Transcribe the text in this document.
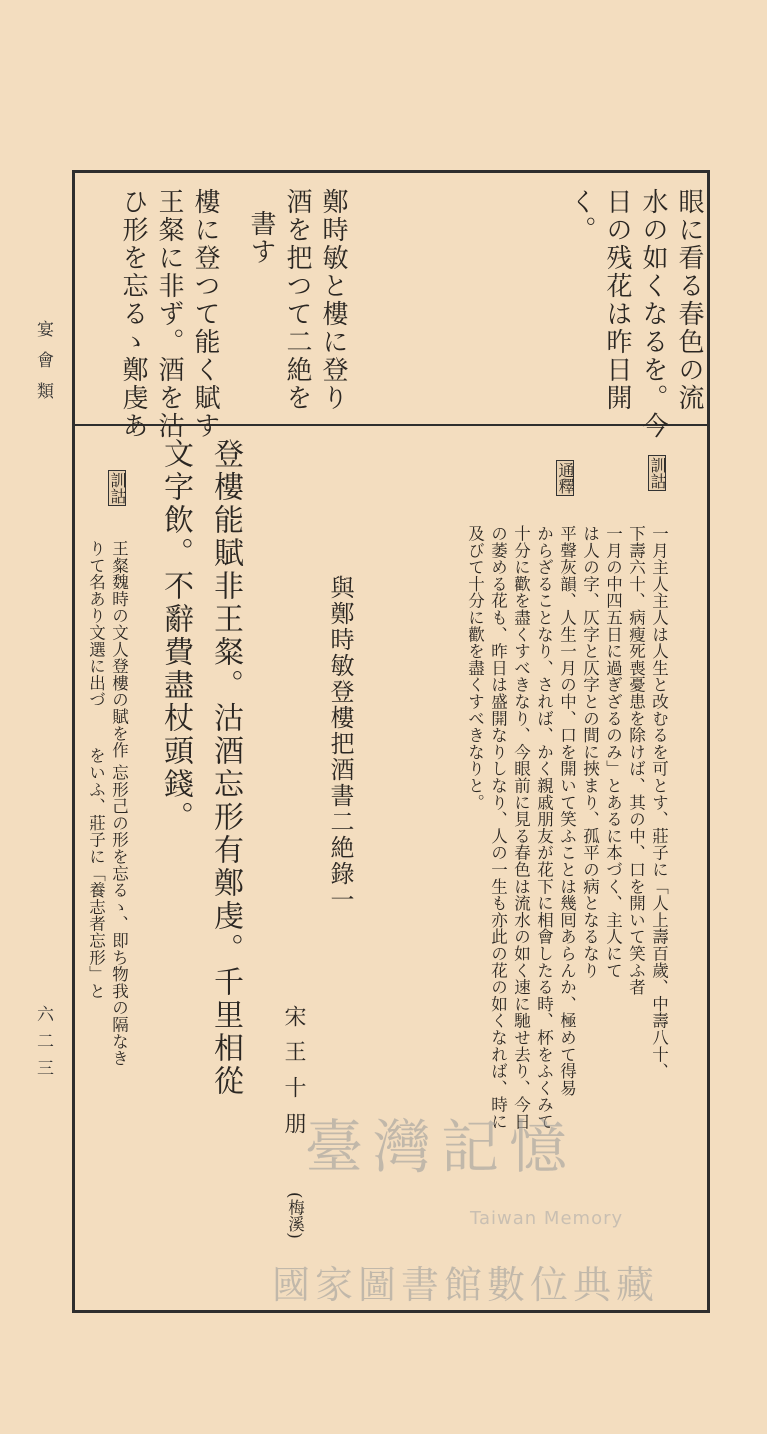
宴會類
六二三
眼に看る春色の流
水の如くなるを。今
日の残花は昨日開
く。
鄭時敏と樓に登り
酒を把つて二絶を
書す
樓に登つて能く賦す
王粲に非ず。酒を沽
ひ形を忘るゝ鄭虔あ
訓詁
一月主人主人は人生と改むるを可とす、莊子に「人上壽百歲、中壽八十、
下壽六十、病瘦死喪憂患を除けば、其の中、口を開いて笑ふ者
一月の中四五日に過ぎざるのみ」とあるに本づく、主人にて
は人の字、仄字と仄字との間に挾まり、孤平の病となるなり
通釋
平聲灰韻、人生一月の中、口を開いて笑ふことは幾囘あらんか、極めて得易
からざることなり、されば、かく親戚朋友が花下に相會したる時、杯をふくみて
十分に歡を盡くすべきなり、今眼前に見る春色は流水の如く速に馳せ去り、今日
の萎める花も、昨日は盛開なりしなり、人の一生も亦此の花の如くなれば、時に
及びて十分に歡を盡くすべきなりと。
與鄭時敏登樓把酒書二絶錄一
宋
王十朋
(梅溪)
登樓能賦非王粲。沽酒忘形有鄭虔。千里相從
文字飲。不辭費盡杖頭錢。
訓詁
王粲魏時の文人登樓の賦を作 忘形己の形を忘るゝ、即ち物我の隔なき
りて名あり文選に出づ　　 をいふ、莊子に「養志者忘形」と
臺灣記憶
Taiwan Memory
國家圖書館數位典藏
